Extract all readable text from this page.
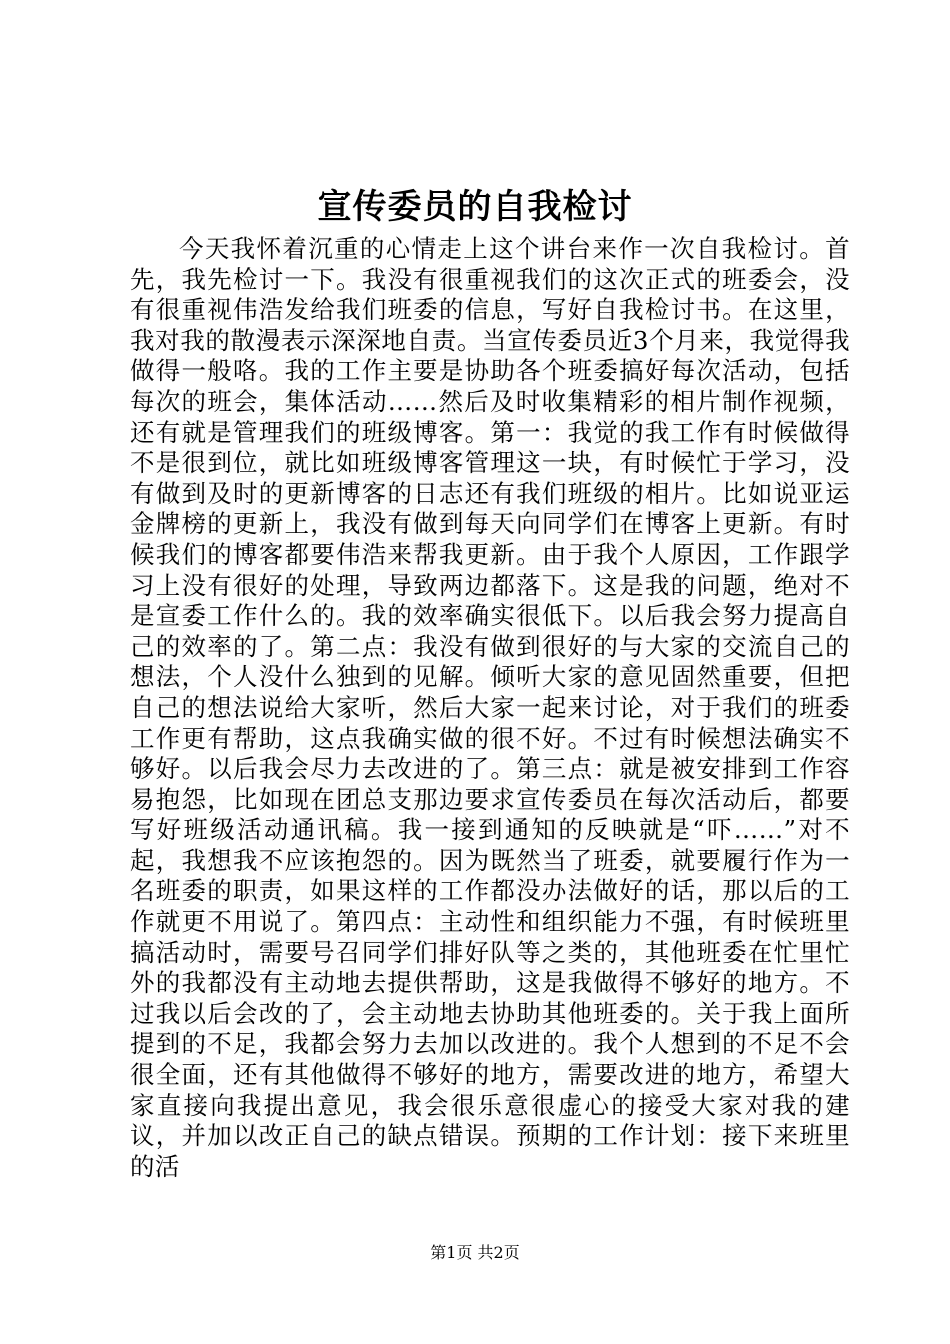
宣传委员的自我检讨
今天我怀着沉重的心情走上这个讲台来作一次自我检讨。首先，我先检讨一下。我没有很重视我们的这次正式的班委会，没有很重视伟浩发给我们班委的信息，写好自我检讨书。在这里，我对我的散漫表示深深地自责。当宣传委员近3个月来，我觉得我做得一般咯。我的工作主要是协助各个班委搞好每次活动，包括每次的班会，集体活动……然后及时收集精彩的相片制作视频，还有就是管理我们的班级博客。第一：我觉的我工作有时候做得不是很到位，就比如班级博客管理这一块，有时候忙于学习，没有做到及时的更新博客的日志还有我们班级的相片。比如说亚运金牌榜的更新上，我没有做到每天向同学们在博客上更新。有时候我们的博客都要伟浩来帮我更新。由于我个人原因，工作跟学习上没有很好的处理，导致两边都落下。这是我的问题，绝对不是宣委工作什么的。我的效率确实很低下。以后我会努力提高自己的效率的了。第二点：我没有做到很好的与大家的交流自己的想法，个人没什么独到的见解。倾听大家的意见固然重要，但把自己的想法说给大家听，然后大家一起来讨论，对于我们的班委工作更有帮助，这点我确实做的很不好。不过有时候想法确实不够好。以后我会尽力去改进的了。第三点：就是被安排到工作容易抱怨，比如现在团总支那边要求宣传委员在每次活动后，都要写好班级活动通讯稿。我一接到通知的反映就是“吓……”对不起，我想我不应该抱怨的。因为既然当了班委，就要履行作为一名班委的职责，如果这样的工作都没办法做好的话，那以后的工作就更不用说了。第四点：主动性和组织能力不强，有时候班里搞活动时，需要号召同学们排好队等之类的，其他班委在忙里忙外的我都没有主动地去提供帮助，这是我做得不够好的地方。不过我以后会改的了，会主动地去协助其他班委的。关于我上面所提到的不足，我都会努力去加以改进的。我个人想到的不足不会很全面，还有其他做得不够好的地方，需要改进的地方，希望大家直接向我提出意见，我会很乐意很虚心的接受大家对我的建议，并加以改正自己的缺点错误。预期的工作计划：接下来班里的活
第1页 共2页
